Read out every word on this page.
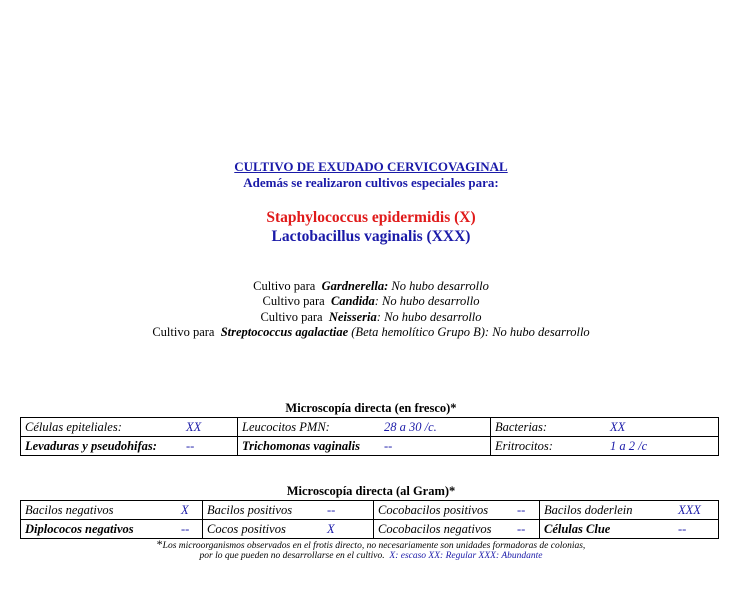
CULTIVO DE EXUDADO CERVICOVAGINAL
Además se realizaron cultivos especiales para:
Staphylococcus epidermidis (X)
Lactobacillus vaginalis (XXX)
Cultivo para Gardnerella: No hubo desarrollo
Cultivo para Candida: No hubo desarrollo
Cultivo para Neisseria: No hubo desarrollo
Cultivo para Streptococcus agalactiae (Beta hemolítico Grupo B): No hubo desarrollo
Microscopía directa (en fresco)*
Células epiteliales: XX	Leucocitos PMN: 28 a 30 /c.	Bacterias: XX

Levaduras y pseudohifas: --	Trichomonas vaginalis --	Eritrocitos: 1 a 2 /c
Microscopía directa (al Gram)*
Bacilos negativos X	Bacilos positivos --	Cocobacilos positivos --	Bacilos doderlein XXX

Diplococos negativos --	Cocos positivos X	Cocobacilos negativos --	Células Clue --
*Los microorganismos observados en el frotis directo, no necesariamente son unidades formadoras de colonias,
por lo que pueden no desarrollarse en el cultivo. X: escaso XX: Regular XXX: Abundante
